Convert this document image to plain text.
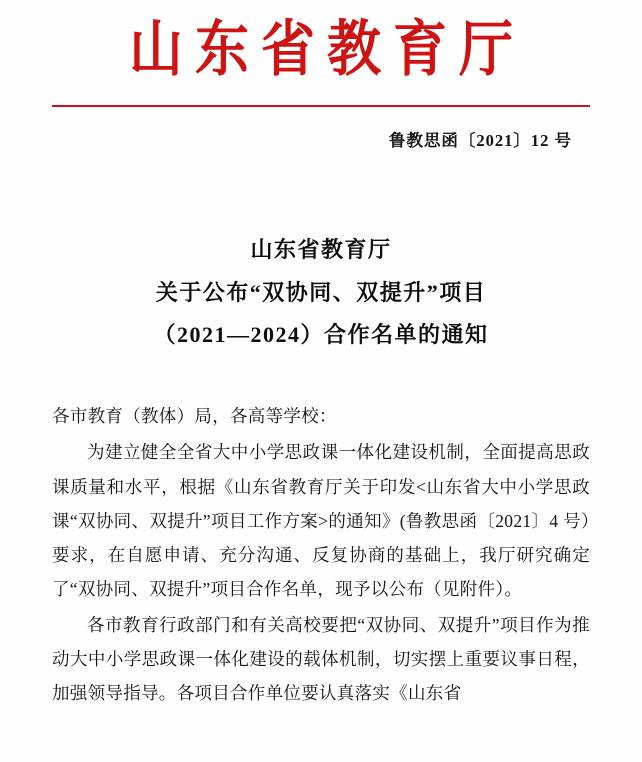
山东省教育厅
鲁教思函〔2021〕12 号
山东省教育厅
关于公布“双协同、双提升”项目
（2021—2024）合作名单的通知

各市教育（教体）局，各高等学校：

为建立健全全省大中小学思政课一体化建设机制，全面提高思政课质量和水平，根据《山东省教育厅关于印发<山东省大中小学思政课“双协同、双提升”项目工作方案>的通知》(鲁教思函〔2021〕4 号）要求，在自愿申请、充分沟通、反复协商的基础上，我厅研究确定了“双协同、双提升”项目合作名单，现予以公布（见附件）。

各市教育行政部门和有关高校要把“双协同、双提升”项目作为推动大中小学思政课一体化建设的载体机制，切实摆上重要议事日程，加强领导指导。各项目合作单位要认真落实《山东省
